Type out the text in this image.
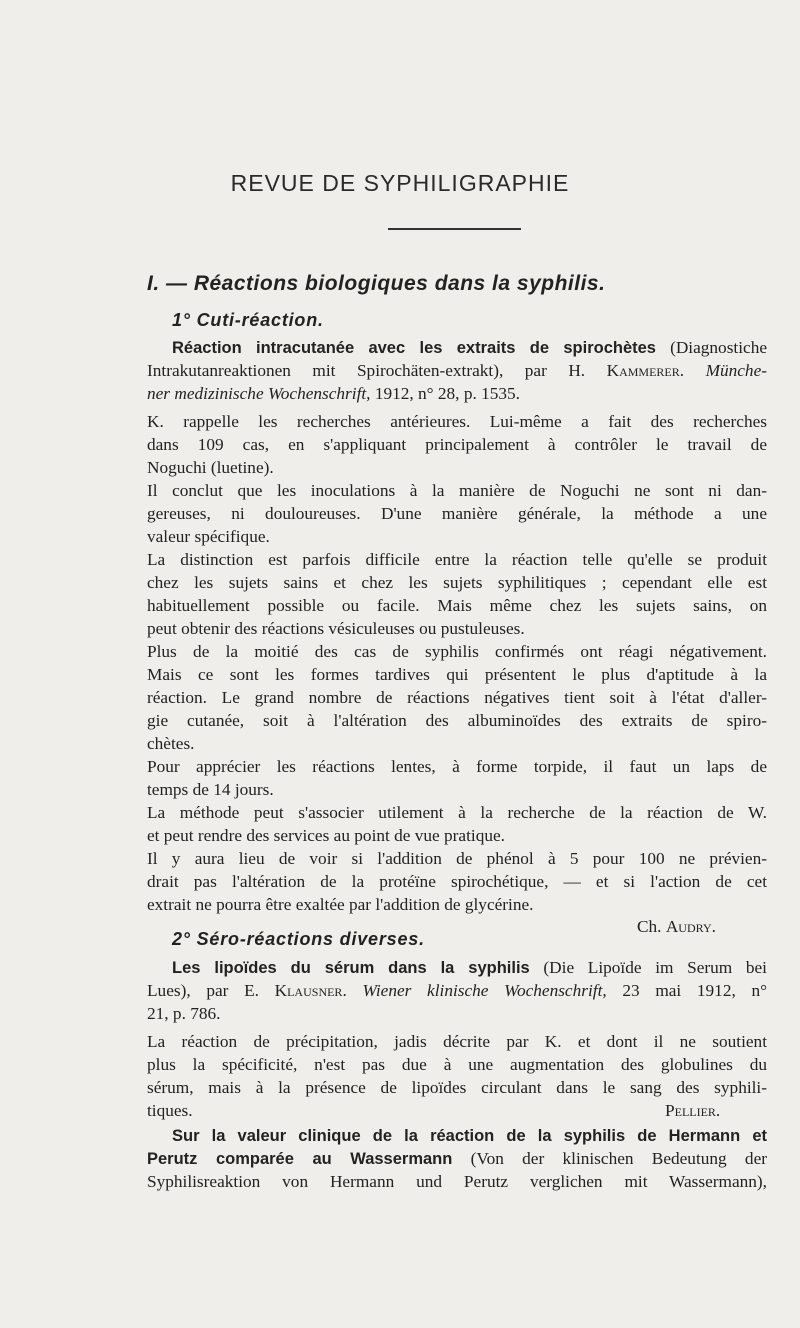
REVUE DE SYPHILIGRAPHIE
I. — Réactions biologiques dans la syphilis.
1° Cuti-réaction.
Réaction intracutanée avec les extraits de spirochètes (Diagnostiche
Intrakutanreaktionen mit Spirochäten-extrakt), par H. Kammerer. Münche-
ner medizinische Wochenschrift, 1912, n° 28, p. 1535.
K. rappelle les recherches antérieures. Lui-même a fait des recherches
dans 109 cas, en s'appliquant principalement à contrôler le travail de
Noguchi (luetine).
Il conclut que les inoculations à la manière de Noguchi ne sont ni dan-
gereuses, ni douloureuses. D'une manière générale, la méthode a une
valeur spécifique.
La distinction est parfois difficile entre la réaction telle qu'elle se produit
chez les sujets sains et chez les sujets syphilitiques ; cependant elle est
habituellement possible ou facile. Mais même chez les sujets sains, on
peut obtenir des réactions vésiculeuses ou pustuleuses.
Plus de la moitié des cas de syphilis confirmés ont réagi négativement.
Mais ce sont les formes tardives qui présentent le plus d'aptitude à la
réaction. Le grand nombre de réactions négatives tient soit à l'état d'aller-
gie cutanée, soit à l'altération des albuminoïdes des extraits de spiro-
chètes.
Pour apprécier les réactions lentes, à forme torpide, il faut un laps de
temps de 14 jours.
La méthode peut s'associer utilement à la recherche de la réaction de W.
et peut rendre des services au point de vue pratique.
Il y aura lieu de voir si l'addition de phénol à 5 pour 100 ne prévien-
drait pas l'altération de la protéïne spirochétique, — et si l'action de cet
extrait ne pourra être exaltée par l'addition de glycérine.
Ch. Audry.
2° Séro-réactions diverses.
Les lipoïdes du sérum dans la syphilis (Die Lipoïde im Serum bei
Lues), par E. Klausner. Wiener klinische Wochenschrift, 23 mai 1912, n°
21, p. 786.
La réaction de précipitation, jadis décrite par K. et dont il ne soutient
plus la spécificité, n'est pas due à une augmentation des globulines du
sérum, mais à la présence de lipoïdes circulant dans le sang des syphili-
tiques.	Pellier.
Sur la valeur clinique de la réaction de la syphilis de Hermann et
Perutz comparée au Wassermann (Von der klinischen Bedeutung der
Syphilisreaktion von Hermann und Perutz verglichen mit Wassermann),
